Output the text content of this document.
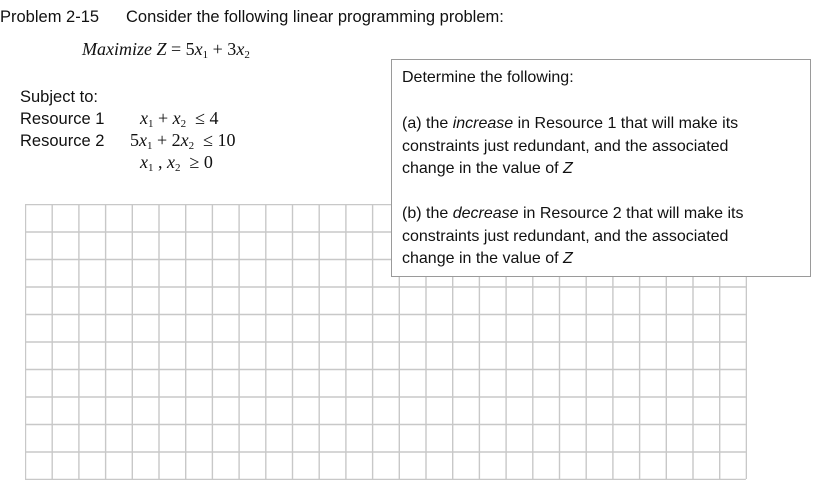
Problem 2-15 Consider the following linear programming problem:
Maximize $Z = 5x_1 + 3x_2$
Subject to:
Resource 1
Resource 2
$x_1 + x_2 \le 4$
$5x_1 + 2x_2 \le 10$
$x_1$ , $x_2 \ge 0$
Determine the following:
(a) the increase in Resource 1 that will make its
constraints just redundant, and the associated
change in the value of Z
(b) the decrease in Resource 2 that will make its
constraints just redundant, and the associated
change in the value of Z
